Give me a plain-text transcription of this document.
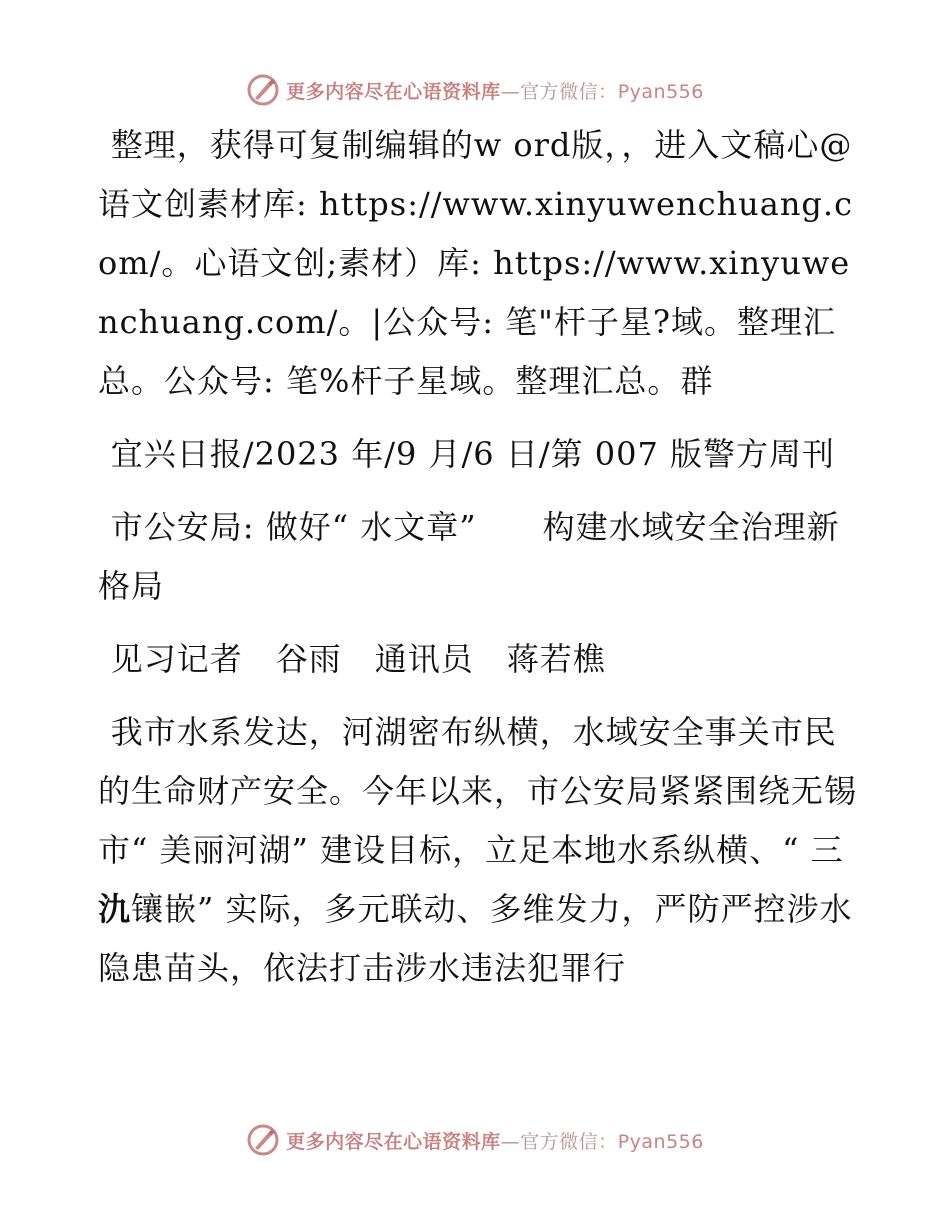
更多内容尽在心语资料库—官方微信：Pyan556

整理，获得可复制编辑的w ord版，，进入文稿心@语文创素材库: https://www.xinyuwenchuang.com/。心语文创;素材）库: https://www.xinyuwenchuang.com/。|公众号: 笔"杆子星?域。整理汇总。公众号: 笔%杆子星域。整理汇总。群

宜兴日报/2023 年/9 月/6 日/第 007 版警方周刊

市公安局: 做好“ 水文章”　　构建水域安全治理新格局

见习记者　谷雨　通讯员　蒋若樵

我市水系发达，河湖密布纵横，水域安全事关市民的生命财产安全。今年以来，市公安局紧紧围绕无锡市“ 美丽河湖” 建设目标，立足本地水系纵横、“ 三氿镶嵌” 实际，多元联动、多维发力，严防严控涉水隐患苗头，依法打击涉水违法犯罪行

更多内容尽在心语资料库—官方微信：Pyan556
